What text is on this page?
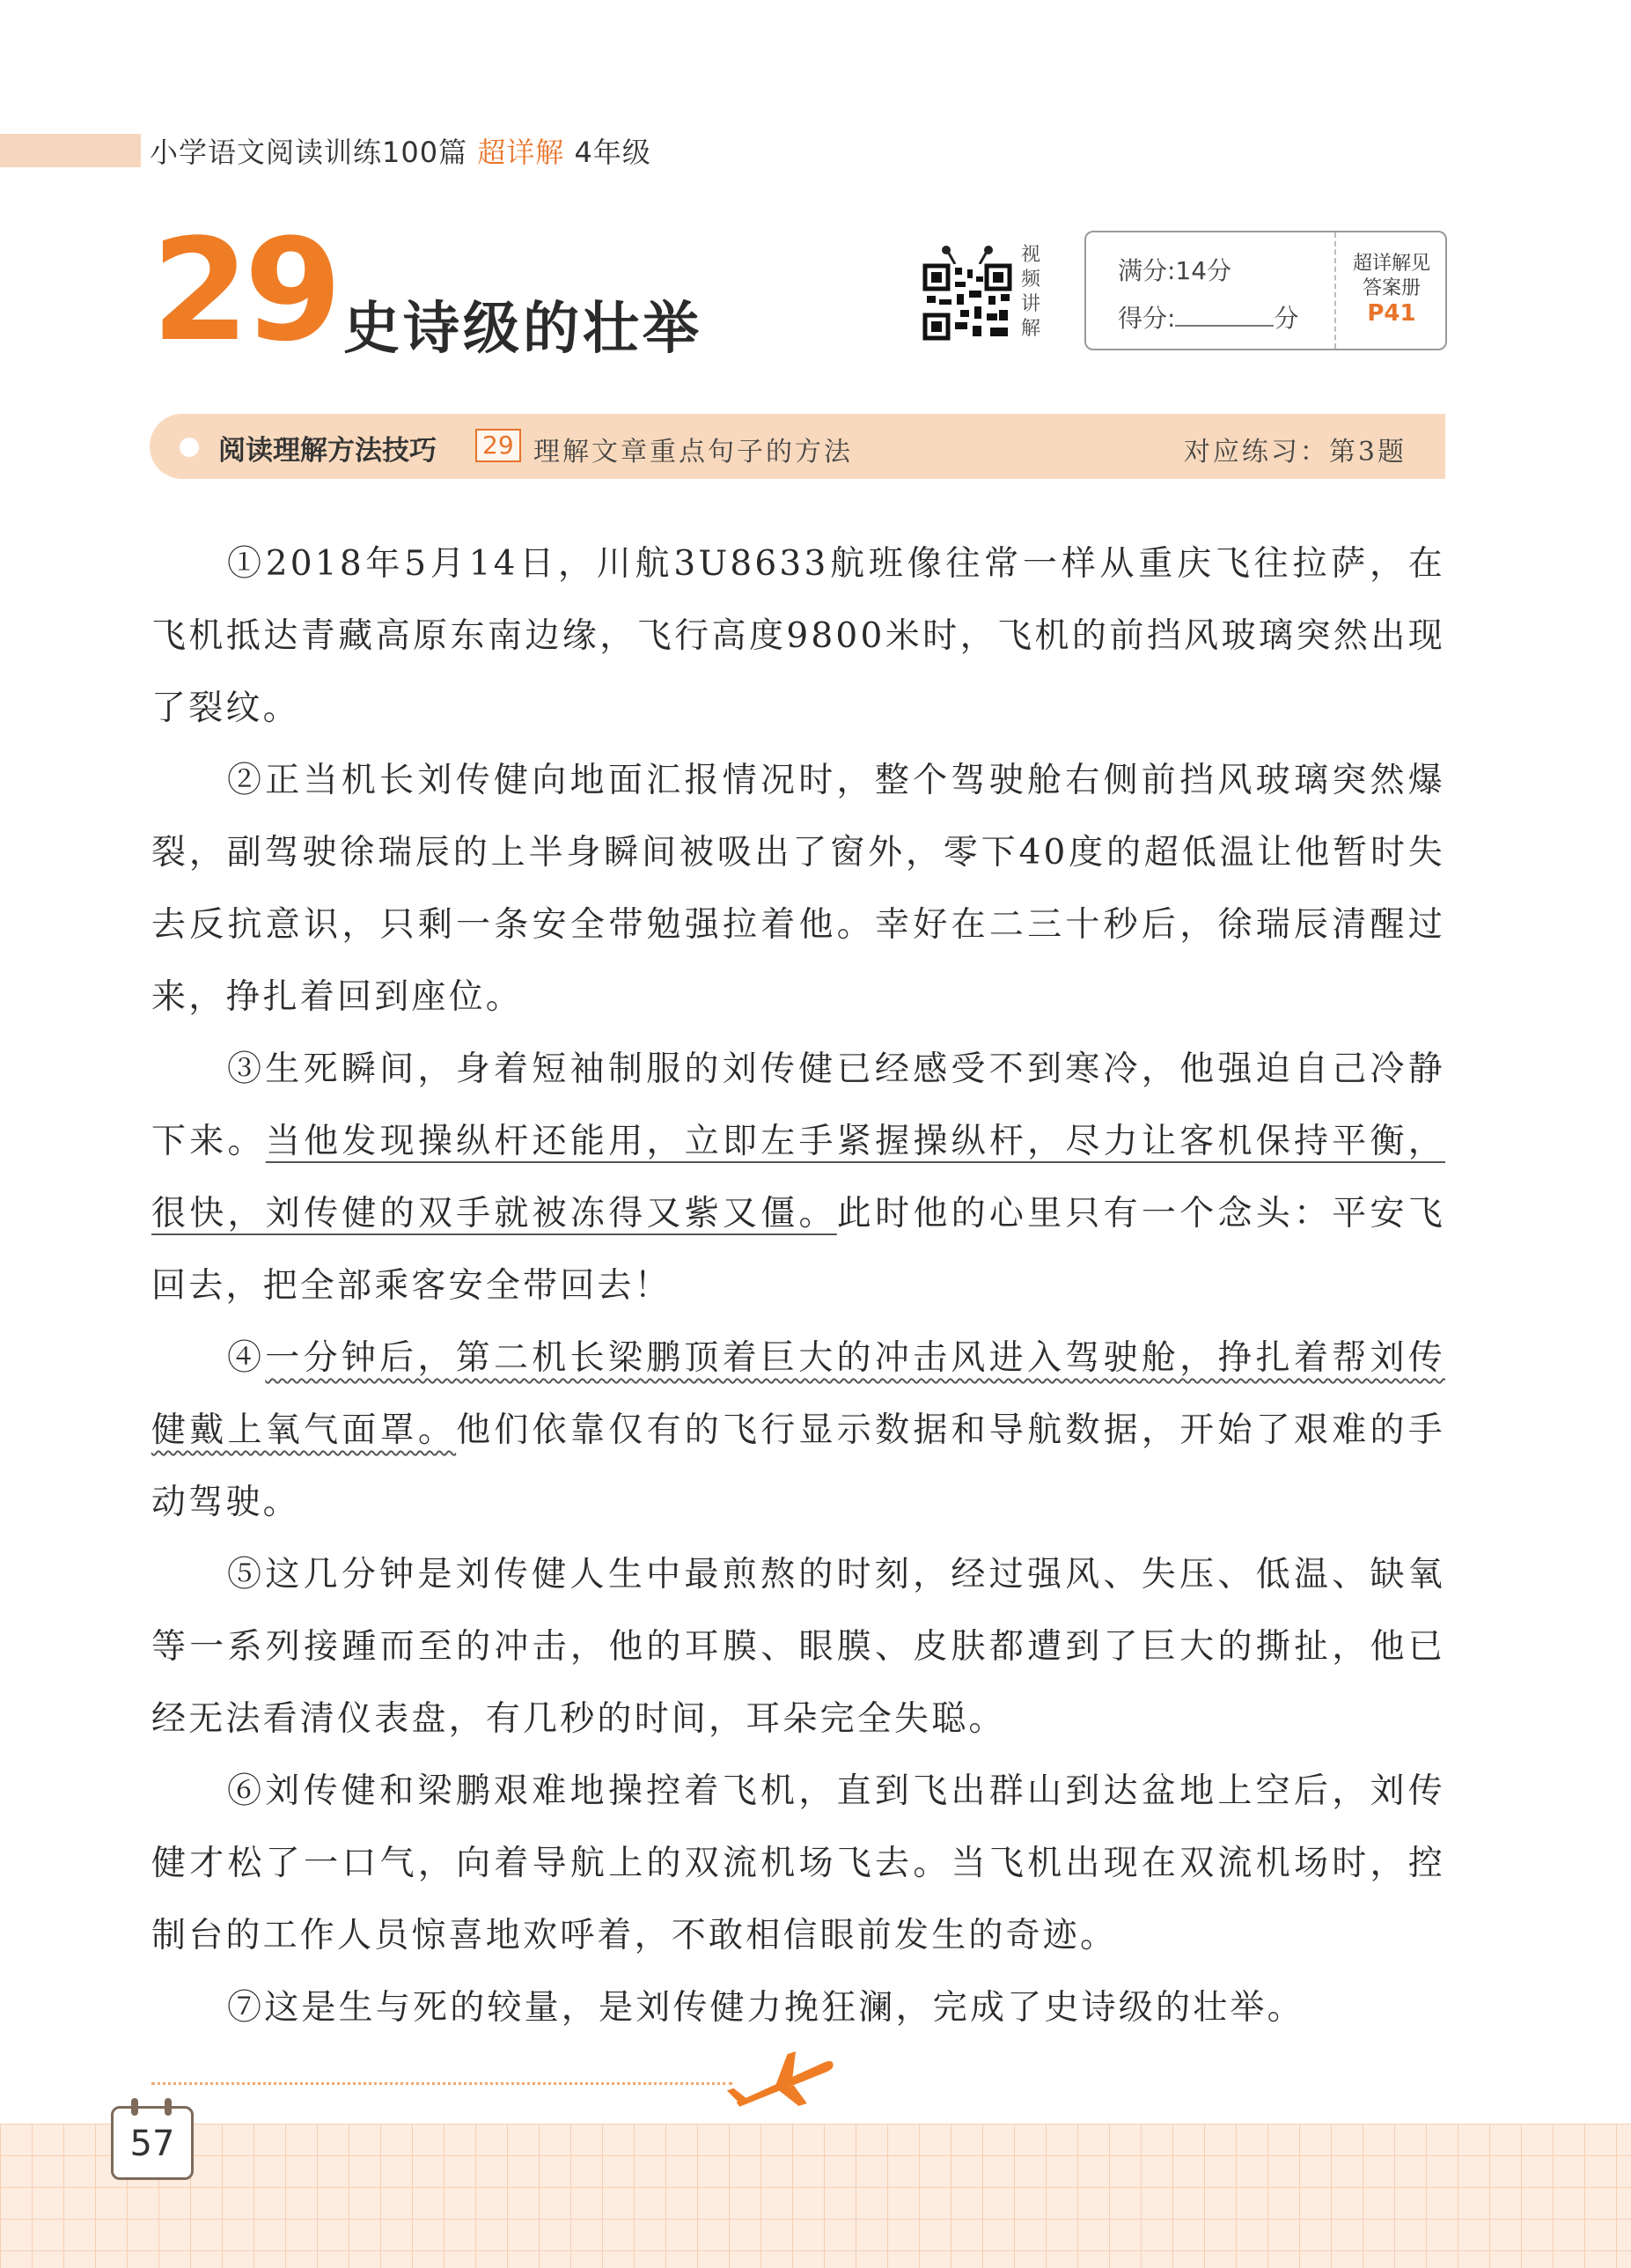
小学语文阅读训练100篇 超详解 4年级
29 史诗级的壮举
视频讲解
满分:14分
得分:	分
超详解见
答案册
P41
阅读理解方法技巧 29 理解文章重点句子的方法	对应练习：第3题

①2018年5月14日，川航3U8633航班像往常一样从重庆飞往拉萨，在飞机抵达青藏高原东南边缘，飞行高度9800米时，飞机的前挡风玻璃突然出现了裂纹。

②正当机长刘传健向地面汇报情况时，整个驾驶舱右侧前挡风玻璃突然爆裂，副驾驶徐瑞辰的上半身瞬间被吸出了窗外，零下40度的超低温让他暂时失去反抗意识，只剩一条安全带勉强拉着他。幸好在二三十秒后，徐瑞辰清醒过来，挣扎着回到座位。

③生死瞬间，身着短袖制服的刘传健已经感受不到寒冷，他强迫自己冷静下来。当他发现操纵杆还能用，立即左手紧握操纵杆，尽力让客机保持平衡，很快，刘传健的双手就被冻得又紫又僵。此时他的心里只有一个念头：平安飞回去，把全部乘客安全带回去！

④一分钟后，第二机长梁鹏顶着巨大的冲击风进入驾驶舱，挣扎着帮刘传健戴上氧气面罩。他们依靠仅有的飞行显示数据和导航数据，开始了艰难的手动驾驶。

⑤这几分钟是刘传健人生中最煎熬的时刻，经过强风、失压、低温、缺氧等一系列接踵而至的冲击，他的耳膜、眼膜、皮肤都遭到了巨大的撕扯，他已经无法看清仪表盘，有几秒的时间，耳朵完全失聪。

⑥刘传健和梁鹏艰难地操控着飞机，直到飞出群山到达盆地上空后，刘传健才松了一口气，向着导航上的双流机场飞去。当飞机出现在双流机场时，控制台的工作人员惊喜地欢呼着，不敢相信眼前发生的奇迹。

⑦这是生与死的较量，是刘传健力挽狂澜，完成了史诗级的壮举。

57
